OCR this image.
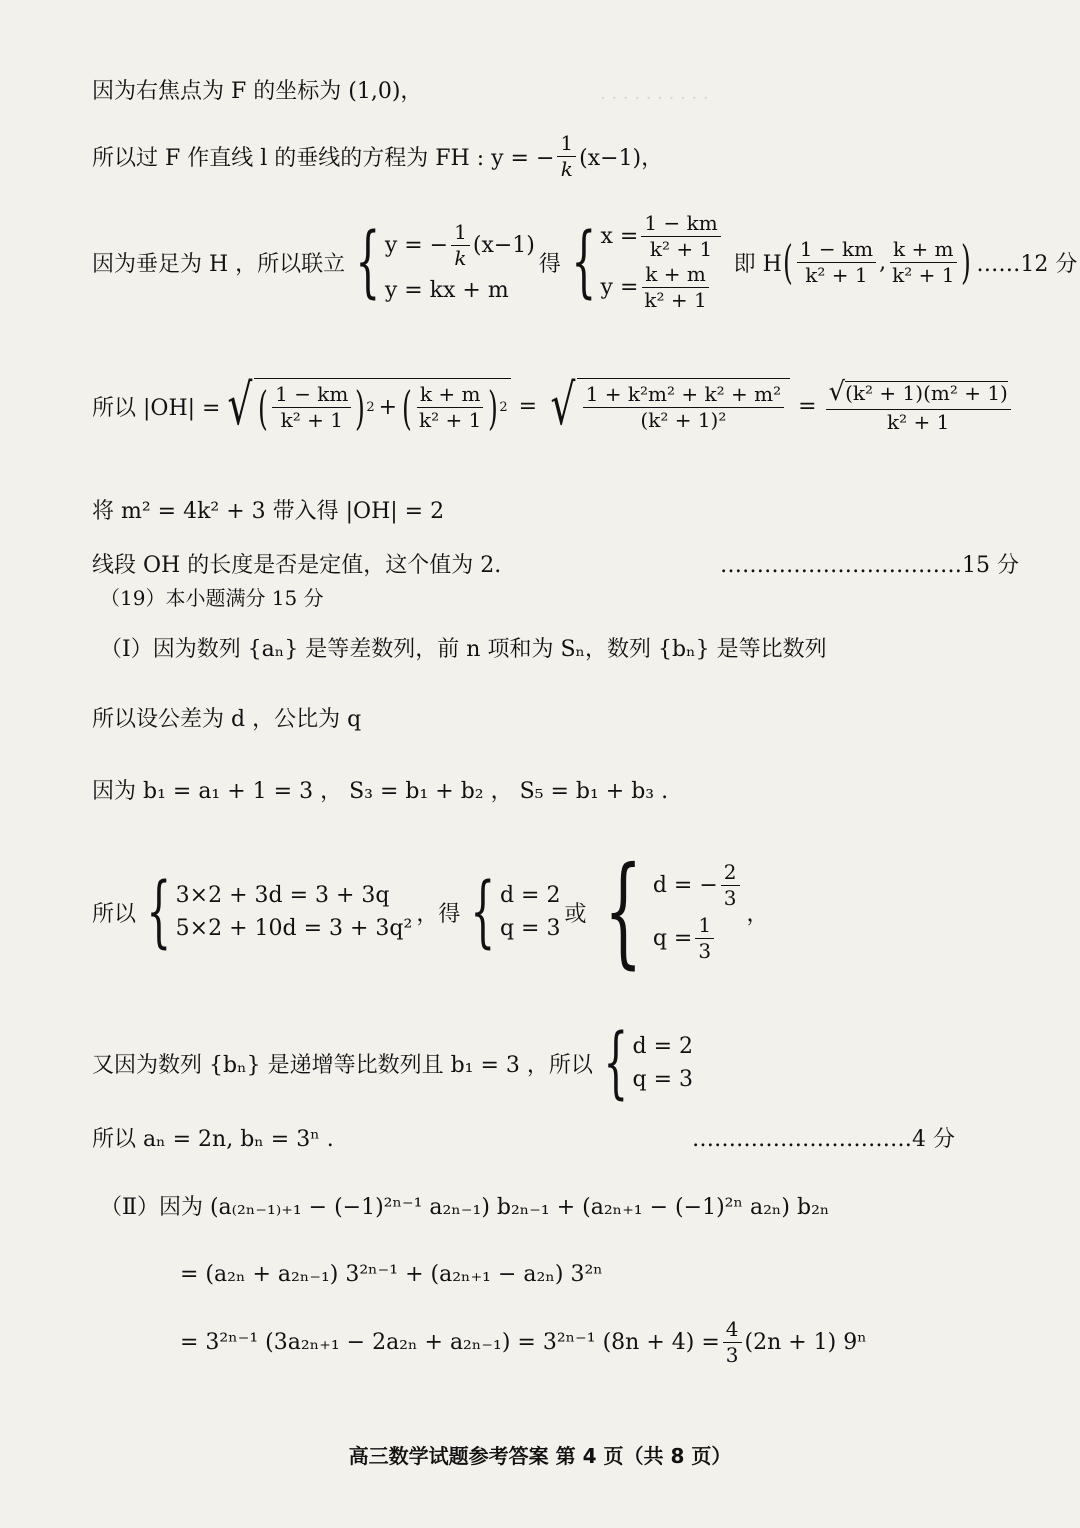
· · · · · · · · · ·
因为右焦点为 F 的坐标为 (1,0)，
所以过 F 作直线 l 的垂线的方程为 FH : y = − $\frac{1}{k} (x-1)$，
因为垂足为 H ，所以联立 { y = − $\frac{1}{k} (x-1)$
y = kx + m
得 { $x = \frac{1 - km}{\text{k² + 1}}$
$y = \frac{k + m}{\text{k² + 1}}$ 即 H ( $\frac{1 - km}{\text{k² + 1}}$ , $\frac{k + m}{\text{k² + 1}}$ ) ……12 分
所以 |OH| = √ ( $\frac{1 - km}{\text{k² + 1}}$ ) 2 + ( $\frac{k + m}{\text{k² + 1}}$ ) 2 = √ $\frac{\text{1 + k²m² + k² + m²}}{\text{(k² + 1)²}} = \frac{\text{√ (k² + 1)(m² + 1)}}{\text{k² + 1}}$
将 m² = 4k² + 3 带入得 |OH| = 2
线段 OH 的长度是否是定值，这个值为 2.	……………………………15 分
（19）本小题满分 15 分
（Ⅰ）因为数列 {aₙ} 是等差数列，前 n 项和为 Sₙ，数列 {bₙ} 是等比数列
所以设公差为 d ，公比为 q
因为 b₁ = a₁ + 1 = 3 ， S₃ = b₁ + b₂ ， S₅ = b₁ + b₃ .
所以 { 3×2 + 3d = 3 + 3q
5×2 + 10d = 3 + 3q²
，得 { d = 2
q = 3
或 { d = − $\frac{2}{3}$
$q = \frac{1}{3}$ ，
又因为数列 {bₙ} 是递增等比数列且 b₁ = 3 ，所以 { d = 2
q = 3
所以 aₙ = 2n, bₙ = 3ⁿ .	…………………………4 分
（Ⅱ）因为 (a₍₂ₙ₋₁₎₊₁ − (−1)²ⁿ⁻¹ a₂ₙ₋₁) b₂ₙ₋₁ + (a₂ₙ₊₁ − (−1)²ⁿ a₂ₙ) b₂ₙ
= (a₂ₙ + a₂ₙ₋₁) 3²ⁿ⁻¹ + (a₂ₙ₊₁ − a₂ₙ) 3²ⁿ
= 3²ⁿ⁻¹ (3a₂ₙ₊₁ − 2a₂ₙ + a₂ₙ₋₁) = 3²ⁿ⁻¹ $(8n + 4) = \frac{4}{3} (2n + 1)$ 9ⁿ
高三数学试题参考答案 第 4 页（共 8 页）
